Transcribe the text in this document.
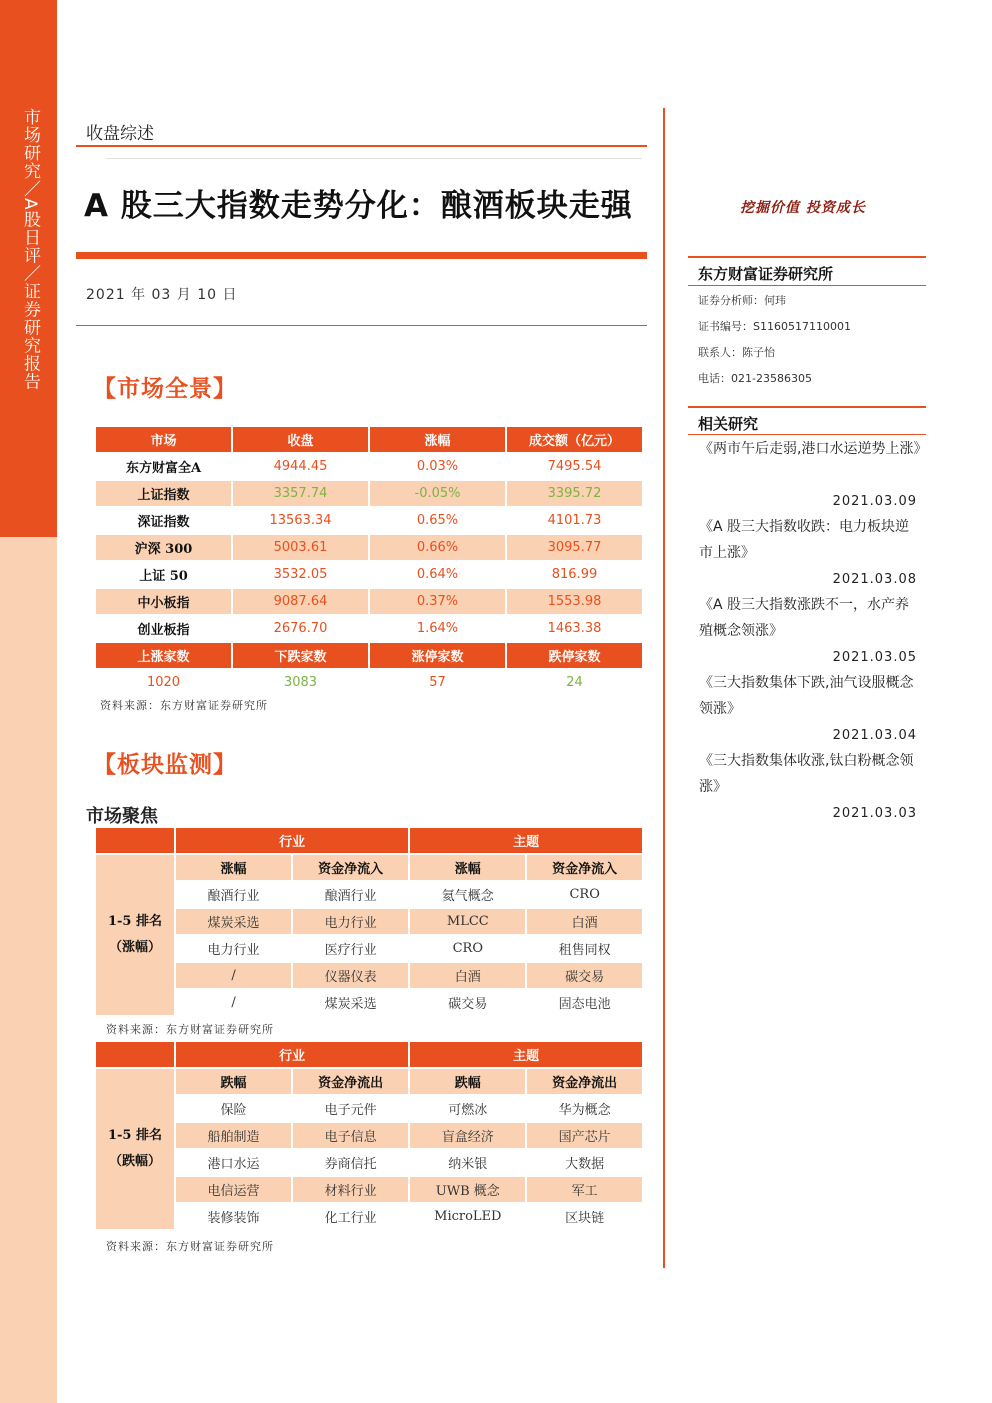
市场研究／A股日评／证券研究报告	收盘综述
A 股三大指数走势分化：酿酒板块走强
2021 年 03 月 10 日
【市场全景】
市场	收盘	涨幅	成交额（亿元）
东方财富全A	4944.45	0.03%	7495.54
上证指数	3357.74	-0.05%	3395.72
深证指数	13563.34	0.65%	4101.73
沪深 300	5003.61	0.66%	3095.77
上证 50	3532.05	0.64%	816.99
中小板指	9087.64	0.37%	1553.98
创业板指	2676.70	1.64%	1463.38
上涨家数	下跌家数	涨停家数	跌停家数
1020	3083	57	24
资料来源：东方财富证券研究所
【板块监测】
市场聚焦
	行业		主题	

1-5 排名
（涨幅）	涨幅	资金净流入	涨幅	资金净流入
	酿酒行业	酿酒行业	氦气概念	CRO
	煤炭采选	电力行业	MLCC	白酒
	电力行业	医疗行业	CRO	租售同权
	/	仪器仪表	白酒	碳交易
	/	煤炭采选	碳交易	固态电池
资料来源：东方财富证券研究所
	行业		主题	

1-5 排名
（跌幅）	跌幅	资金净流出	跌幅	资金净流出
	保险	电子元件	可燃冰	华为概念
	船舶制造	电子信息	盲盒经济	国产芯片
	港口水运	券商信托	纳米银	大数据
	电信运营	材料行业	UWB 概念	军工
	装修装饰	化工行业	MicroLED	区块链
资料来源：东方财富证券研究所
挖掘价值 投资成长
东方财富证券研究所
证券分析师：何玮
证书编号：S1160517110001
联系人：陈子怡
电话：021-23586305
相关研究
《两市午后走弱,港口水运逆势上涨》
2021.03.09
《A 股三大指数收跌：电力板块逆市上涨》
2021.03.08
《A 股三大指数涨跌不一，水产养殖概念领涨》
2021.03.05
《三大指数集体下跌,油气设服概念领涨》
2021.03.04
《三大指数集体收涨,钛白粉概念领涨》
2021.03.03
